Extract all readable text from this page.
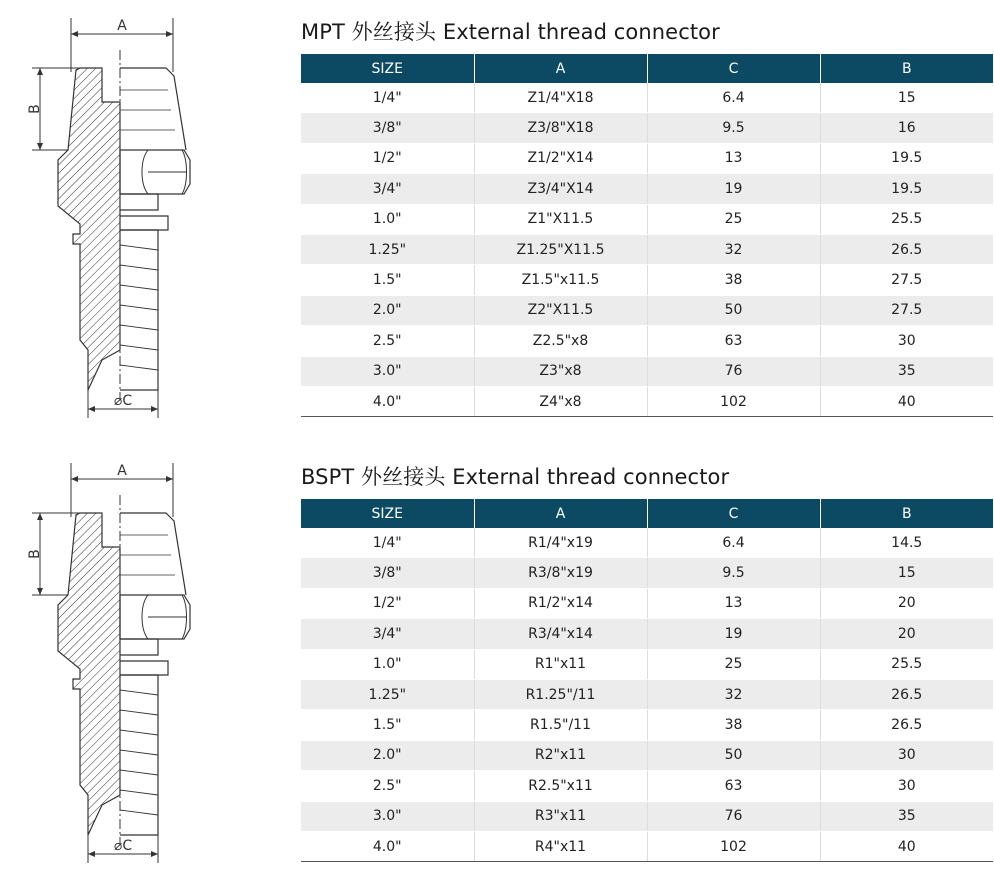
A
B
⌀C
MPT 外丝接头 External thread connector
SIZE	A	C	B
1/4"	Z1/4"X18	6.4	15
3/8"	Z3/8"X18	9.5	16
1/2"	Z1/2"X14	13	19.5
3/4"	Z3/4"X14	19	19.5
1.0"	Z1"X11.5	25	25.5
1.25"	Z1.25"X11.5	32	26.5
1.5"	Z1.5"x11.5	38	27.5
2.0"	Z2"X11.5	50	27.5
2.5"	Z2.5"x8	63	30
3.0"	Z3"x8	76	35
4.0"	Z4"x8	102	40
A
B
⌀C
BSPT 外丝接头 External thread connector
SIZE	A	C	B
1/4"	R1/4"x19	6.4	14.5
3/8"	R3/8"x19	9.5	15
1/2"	R1/2"x14	13	20
3/4"	R3/4"x14	19	20
1.0"	R1"x11	25	25.5
1.25"	R1.25"/11	32	26.5
1.5"	R1.5"/11	38	26.5
2.0"	R2"x11	50	30
2.5"	R2.5"x11	63	30
3.0"	R3"x11	76	35
4.0"	R4"x11	102	40
